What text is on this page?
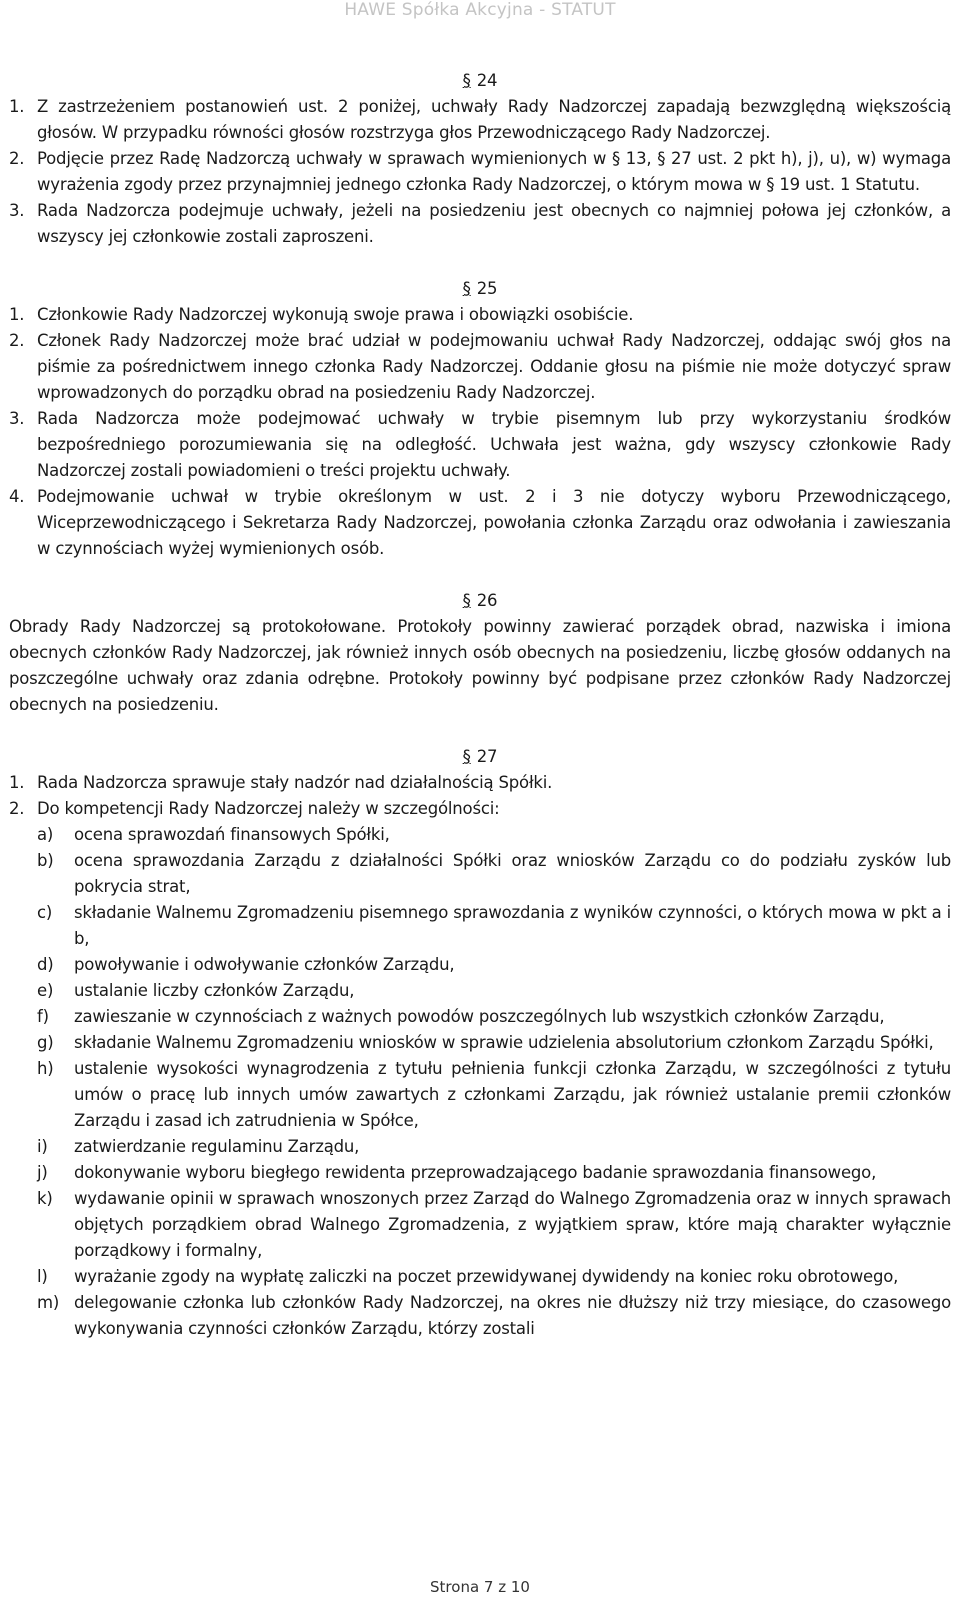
HAWE Spółka Akcyjna - STATUT
§ 24
1. Z zastrzeżeniem postanowień ust. 2 poniżej, uchwały Rady Nadzorczej zapadają bezwzględną większością głosów. W przypadku równości głosów rozstrzyga głos Przewodniczącego Rady Nadzorczej.
2. Podjęcie przez Radę Nadzorczą uchwały w sprawach wymienionych w § 13, § 27 ust. 2 pkt h), j), u), w) wymaga wyrażenia zgody przez przynajmniej jednego członka Rady Nadzorczej, o którym mowa w § 19 ust. 1 Statutu.
3. Rada Nadzorcza podejmuje uchwały, jeżeli na posiedzeniu jest obecnych co najmniej połowa jej członków, a wszyscy jej członkowie zostali zaproszeni.
§ 25
1. Członkowie Rady Nadzorczej wykonują swoje prawa i obowiązki osobiście.
2. Członek Rady Nadzorczej może brać udział w podejmowaniu uchwał Rady Nadzorczej, oddając swój głos na piśmie za pośrednictwem innego członka Rady Nadzorczej. Oddanie głosu na piśmie nie może dotyczyć spraw wprowadzonych do porządku obrad na posiedzeniu Rady Nadzorczej.
3. Rada Nadzorcza może podejmować uchwały w trybie pisemnym lub przy wykorzystaniu środków bezpośredniego porozumiewania się na odległość. Uchwała jest ważna, gdy wszyscy członkowie Rady Nadzorczej zostali powiadomieni o treści projektu uchwały.
4. Podejmowanie uchwał w trybie określonym w ust. 2 i 3 nie dotyczy wyboru Przewodniczącego, Wiceprzewodniczącego i Sekretarza Rady Nadzorczej, powołania członka Zarządu oraz odwołania i zawieszania w czynnościach wyżej wymienionych osób.
§ 26
Obrady Rady Nadzorczej są protokołowane. Protokoły powinny zawierać porządek obrad, nazwiska i imiona obecnych członków Rady Nadzorczej, jak również innych osób obecnych na posiedzeniu, liczbę głosów oddanych na poszczególne uchwały oraz zdania odrębne. Protokoły powinny być podpisane przez członków Rady Nadzorczej obecnych na posiedzeniu.
§ 27
1. Rada Nadzorcza sprawuje stały nadzór nad działalnością Spółki.
2. Do kompetencji Rady Nadzorczej należy w szczególności:
a)	ocena sprawozdań finansowych Spółki,
b)	ocena sprawozdania Zarządu z działalności Spółki oraz wniosków Zarządu co do podziału zysków lub pokrycia strat,
c)	składanie Walnemu Zgromadzeniu pisemnego sprawozdania z wyników czynności, o których mowa w pkt a i b,
d)	powoływanie i odwoływanie członków Zarządu,
e)	ustalanie liczby członków Zarządu,
f)	zawieszanie w czynnościach z ważnych powodów poszczególnych lub wszystkich członków Zarządu,
g)	składanie Walnemu Zgromadzeniu wniosków w sprawie udzielenia absolutorium członkom Zarządu Spółki,
h)	ustalenie wysokości wynagrodzenia z tytułu pełnienia funkcji członka Zarządu, w szczególności z tytułu umów o pracę lub innych umów zawartych z członkami Zarządu, jak również ustalanie premii członków Zarządu i zasad ich zatrudnienia w Spółce,
i)	zatwierdzanie regulaminu Zarządu,
j)	dokonywanie wyboru biegłego rewidenta przeprowadzającego badanie sprawozdania finansowego,
k)	wydawanie opinii w sprawach wnoszonych przez Zarząd do Walnego Zgromadzenia oraz w innych sprawach objętych porządkiem obrad Walnego Zgromadzenia, z wyjątkiem spraw, które mają charakter wyłącznie porządkowy i formalny,
l)	wyrażanie zgody na wypłatę zaliczki na poczet przewidywanej dywidendy na koniec roku obrotowego,
m) delegowanie członka lub członków Rady Nadzorczej, na okres nie dłuższy niż trzy miesiące, do czasowego wykonywania czynności członków Zarządu, którzy zostali
Strona 7 z 10
